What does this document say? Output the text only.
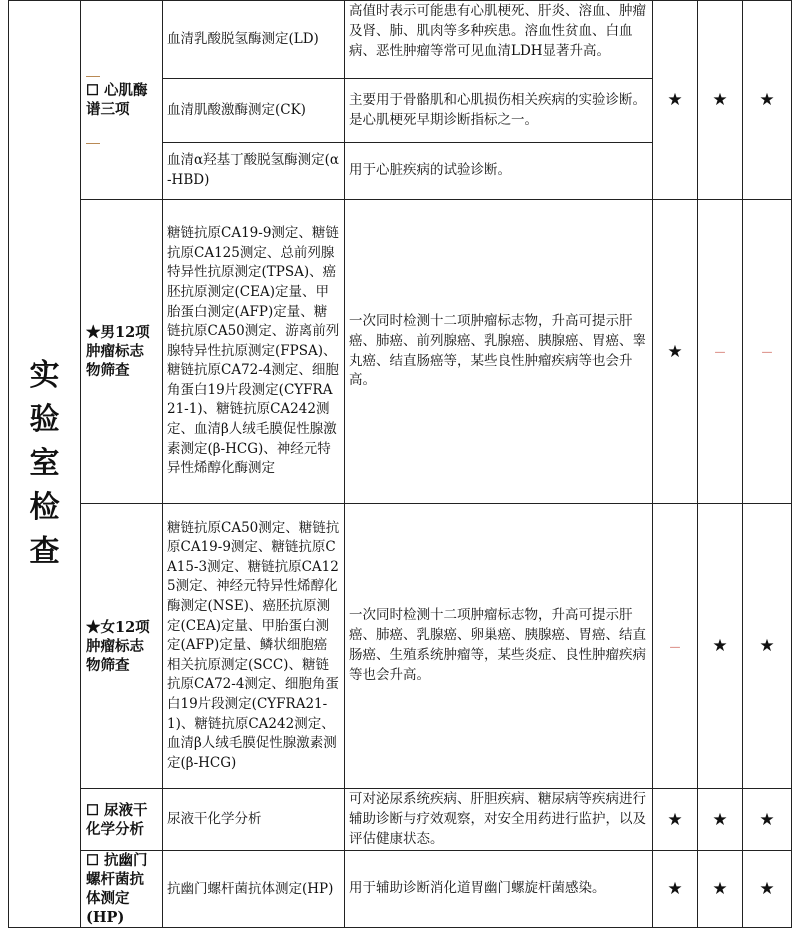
实
验
室
检
查	☐ 心肌酶谱三项	血清乳酸脱氢酶测定(LD)	高值时表示可能患有心肌梗死、肝炎、溶血、肿瘤及肾、肺、肌肉等多种疾患。溶血性贫血、白血病、恶性肿瘤等常可见血清LDH显著升高。	★	★	★
		血清肌酸激酶测定(CK)	主要用于骨骼肌和心肌损伤相关疾病的实验诊断。是心肌梗死早期诊断指标之一。			
		血清α羟基丁酸脱氢酶测定(α-HBD)	用于心脏疾病的试验诊断。			
	★男12项肿瘤标志物筛查	糖链抗原CA19-9测定、糖链抗原CA125测定、总前列腺特异性抗原测定(TPSA)、癌胚抗原测定(CEA)定量、甲胎蛋白测定(AFP)定量、糖链抗原CA50测定、游离前列腺特异性抗原测定(FPSA)、糖链抗原CA72-4测定、细胞角蛋白19片段测定(CYFRA21-1)、糖链抗原CA242测定、血清β人绒毛膜促性腺激素测定(β-HCG)、神经元特异性烯醇化酶测定	一次同时检测十二项肿瘤标志物，升高可提示肝癌、肺癌、前列腺癌、乳腺癌、胰腺癌、胃癌、睾丸癌、结直肠癌等，某些良性肿瘤疾病等也会升高。	★	－	－
	★女12项肿瘤标志物筛查	糖链抗原CA50测定、糖链抗原CA19-9测定、糖链抗原CA15-3测定、糖链抗原CA125测定、神经元特异性烯醇化酶测定(NSE)、癌胚抗原测定(CEA)定量、甲胎蛋白测定(AFP)定量、鳞状细胞癌相关抗原测定(SCC)、糖链抗原CA72-4测定、细胞角蛋白19片段测定(CYFRA21-1)、糖链抗原CA242测定、血清β人绒毛膜促性腺激素测定(β-HCG)	一次同时检测十二项肿瘤标志物，升高可提示肝癌、肺癌、乳腺癌、卵巢癌、胰腺癌、胃癌、结直肠癌、生殖系统肿瘤等，某些炎症、良性肿瘤疾病等也会升高。	－	★	★
	☐ 尿液干化学分析	尿液干化学分析	可对泌尿系统疾病、肝胆疾病、糖尿病等疾病进行辅助诊断与疗效观察，对安全用药进行监护，以及评估健康状态。	★	★	★
	☐ 抗幽门螺杆菌抗体测定(HP)	抗幽门螺杆菌抗体测定(HP)	用于辅助诊断消化道胃幽门螺旋杆菌感染。	★	★	★
